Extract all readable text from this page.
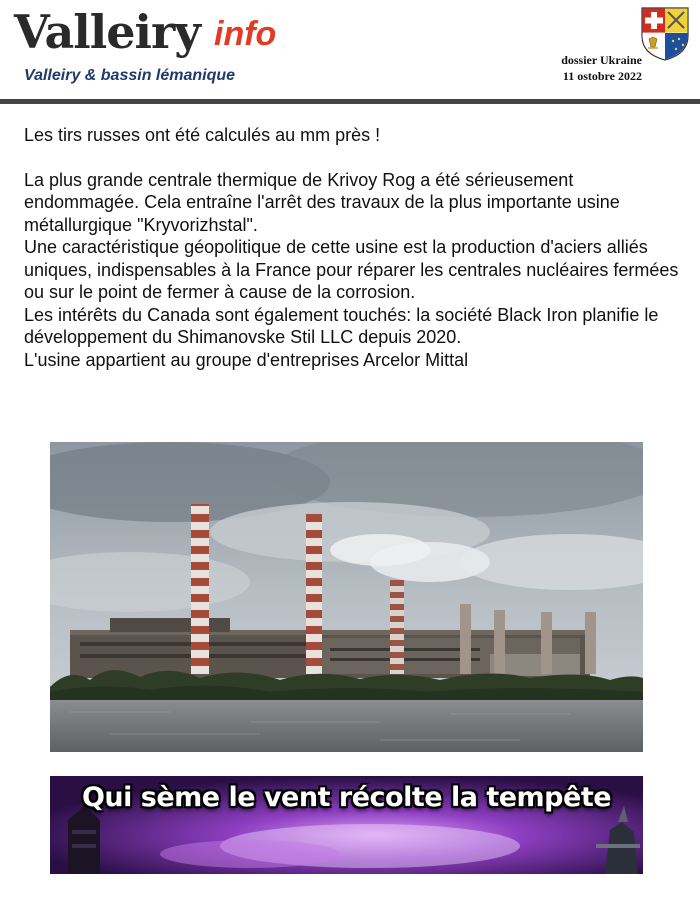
Valleiry info
Valleiry & bassin lémanique
dossier Ukraine
11 ostobre 2022

Les tirs russes ont été calculés au mm près !

La plus grande centrale thermique de Krivoy Rog a été sérieusement endommagée. Cela entraîne l'arrêt des travaux de la plus importante usine métallurgique "Kryvorizhstal".

Une caractéristique géopolitique de cette usine est la production d'aciers alliés uniques, indispensables à la France pour réparer les centrales nucléaires fermées ou sur le point de fermer à cause de la corrosion.

Les intérêts du Canada sont également touchés: la société Black Iron planifie le développement du Shimanovske Stil LLC depuis 2020.

L'usine appartient au groupe d'entreprises Arcelor Mittal

Qui sème le vent récolte la tempête
